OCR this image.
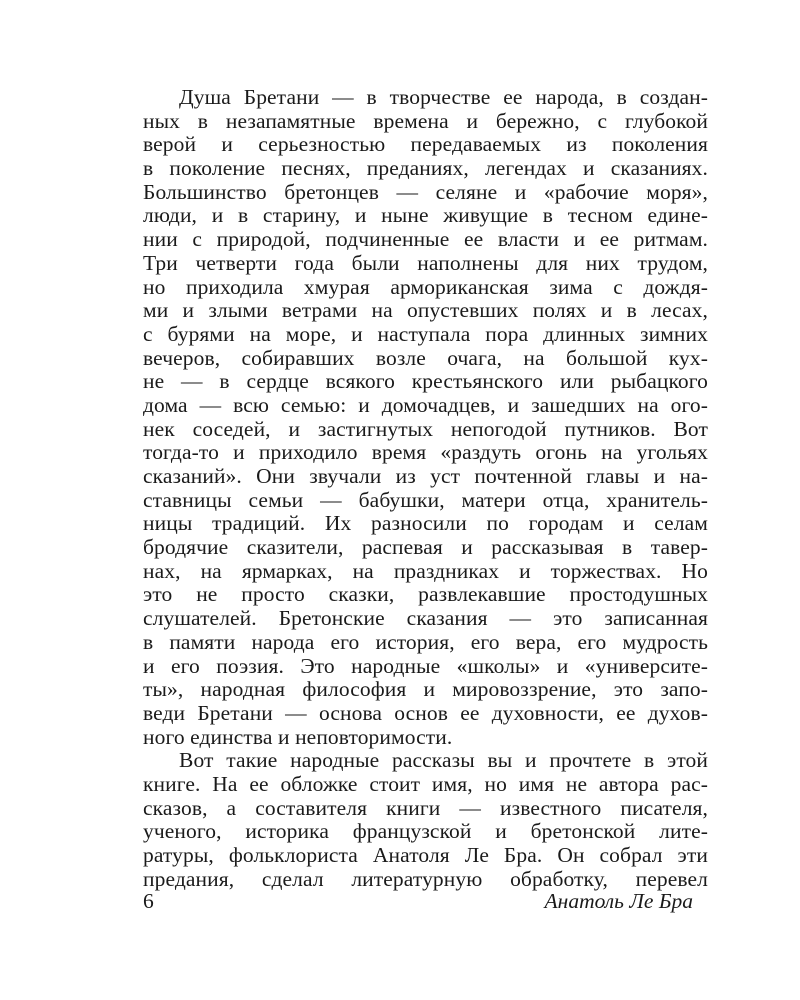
Душа Бретани — в творчестве ее народа, в создан-
ных в незапамятные времена и бережно, с глубокой
верой и серьезностью передаваемых из поколения
в поколение песнях, преданиях, легендах и сказаниях.
Большинство бретонцев — селяне и «рабочие моря»,
люди, и в старину, и ныне живущие в тесном едине-
нии с природой, подчиненные ее власти и ее ритмам.
Три четверти года были наполнены для них трудом,
но приходила хмурая арморикaнская зима с дождя-
ми и злыми ветрами на опустевших полях и в лесах,
с бурями на море, и наступала пора длинных зимних
вечеров, собиравших возле очага, на большой кух-
не — в сердце всякого крестьянского или рыбацкого
дома — всю семью: и домочадцев, и зашедших на ого-
нек соседей, и застигнутых непогодой путников. Вот
тогда-то и приходило время «раздуть огонь на угольях
сказаний». Они звучали из уст почтенной главы и на-
ставницы семьи — бабушки, матери отца, хранитель-
ницы традиций. Их разносили по городам и селам
бродячие сказители, распевая и рассказывая в тавер-
нах, на ярмарках, на праздниках и торжествах. Но
это не просто сказки, развлекавшие простодушных
слушателей. Бретонские сказания — это записанная
в памяти народа его история, его вера, его мудрость
и его поэзия. Это народные «школы» и «университе-
ты», народная философия и мировоззрение, это запо-
веди Бретани — основа основ ее духовности, ее духов-
ного единства и неповторимости.
Вот такие народные рассказы вы и прочтете в этой
книге. На ее обложке стоит имя, но имя не автора рас-
сказов, а составителя книги — известного писателя,
ученого, историка французской и бретонской лите-
ратуры, фольклориста Анатоля Ле Бра. Он собрал эти
предания, сделал литературную обработку, перевел
6	Анатоль Ле Бра
